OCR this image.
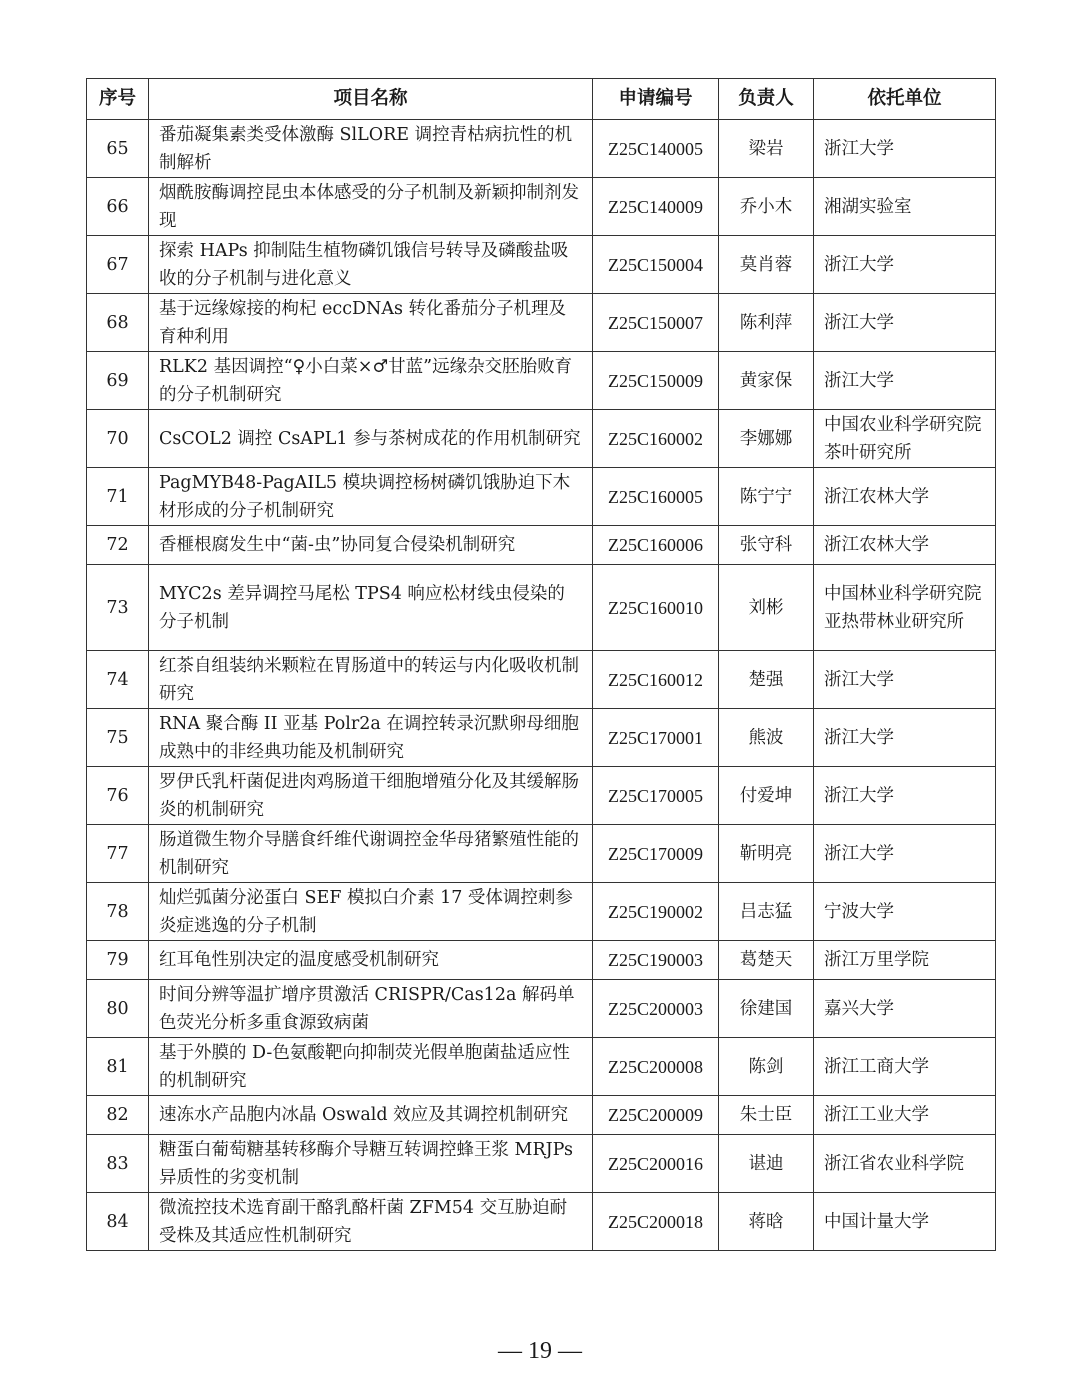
序号	项目名称	申请编号	负责人	依托单位
65	番茄凝集素类受体激酶 SlLORE 调控青枯病抗性的机制解析	Z25C140005	梁岩	浙江大学
66	烟酰胺酶调控昆虫本体感受的分子机制及新颖抑制剂发现	Z25C140009	乔小木	湘湖实验室
67	探索 HAPs 抑制陆生植物磷饥饿信号转导及磷酸盐吸收的分子机制与进化意义	Z25C150004	莫肖蓉	浙江大学
68	基于远缘嫁接的枸杞 eccDNAs 转化番茄分子机理及育种利用	Z25C150007	陈利萍	浙江大学
69	RLK2 基因调控“♀小白菜×♂甘蓝”远缘杂交胚胎败育的分子机制研究	Z25C150009	黄家保	浙江大学
70	CsCOL2 调控 CsAPL1 参与茶树成花的作用机制研究	Z25C160002	李娜娜	中国农业科学研究院茶叶研究所
71	PagMYB48-PagAIL5 模块调控杨树磷饥饿胁迫下木材形成的分子机制研究	Z25C160005	陈宁宁	浙江农林大学
72	香榧根腐发生中“菌-虫”协同复合侵染机制研究	Z25C160006	张守科	浙江农林大学
73	MYC2s 差异调控马尾松 TPS4 响应松材线虫侵染的分子机制	Z25C160010	刘彬	中国林业科学研究院亚热带林业研究所
74	红茶自组装纳米颗粒在胃肠道中的转运与内化吸收机制研究	Z25C160012	楚强	浙江大学
75	RNA 聚合酶 II 亚基 Polr2a 在调控转录沉默卵母细胞成熟中的非经典功能及机制研究	Z25C170001	熊波	浙江大学
76	罗伊氏乳杆菌促进肉鸡肠道干细胞增殖分化及其缓解肠炎的机制研究	Z25C170005	付爱坤	浙江大学
77	肠道微生物介导膳食纤维代谢调控金华母猪繁殖性能的机制研究	Z25C170009	靳明亮	浙江大学
78	灿烂弧菌分泌蛋白 SEF 模拟白介素 17 受体调控刺参炎症逃逸的分子机制	Z25C190002	吕志猛	宁波大学
79	红耳龟性别决定的温度感受机制研究	Z25C190003	葛楚天	浙江万里学院
80	时间分辨等温扩增序贯激活 CRISPR/Cas12a 解码单色荧光分析多重食源致病菌	Z25C200003	徐建国	嘉兴大学
81	基于外膜的 D-色氨酸靶向抑制荧光假单胞菌盐适应性的机制研究	Z25C200008	陈剑	浙江工商大学
82	速冻水产品胞内冰晶 Oswald 效应及其调控机制研究	Z25C200009	朱士臣	浙江工业大学
83	糖蛋白葡萄糖基转移酶介导糖互转调控蜂王浆 MRJPs 异质性的劣变机制	Z25C200016	谌迪	浙江省农业科学院
84	微流控技术选育副干酪乳酪杆菌 ZFM54 交互胁迫耐受株及其适应性机制研究	Z25C200018	蒋晗	中国计量大学
— 19 —
